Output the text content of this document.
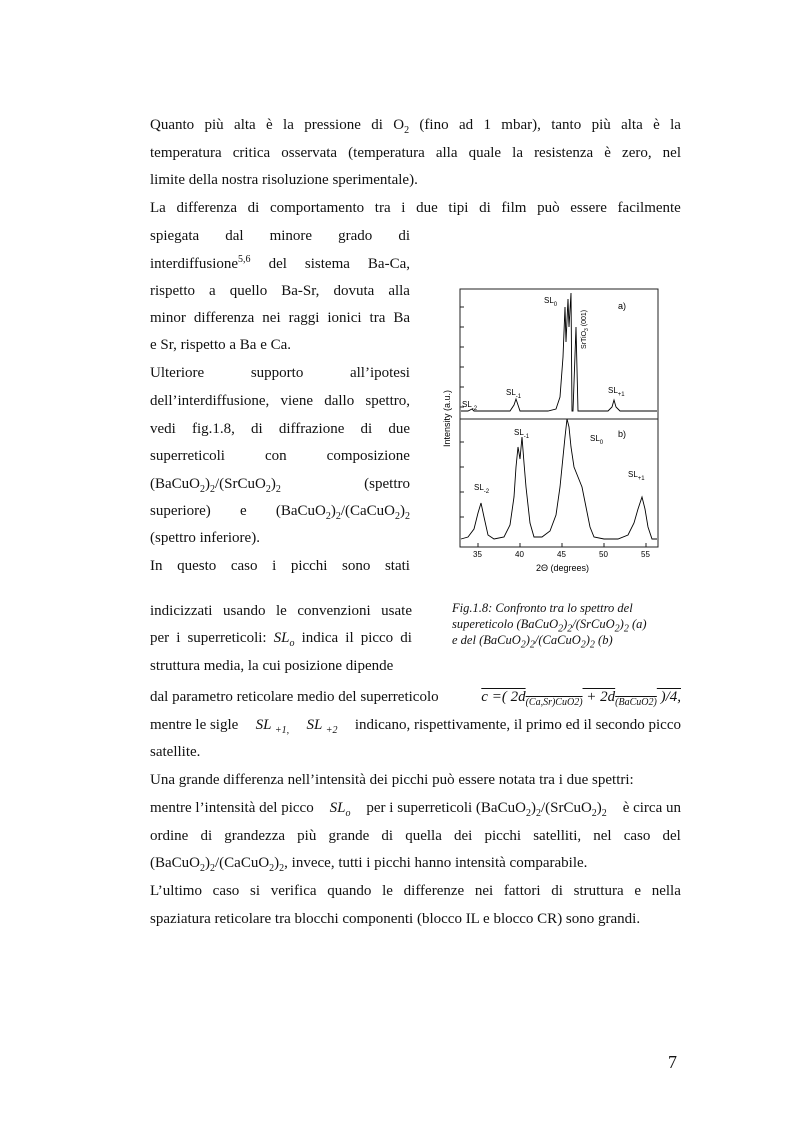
Quanto più alta è la pressione di $O_2$ (fino ad 1 mbar), tanto più alta è la
temperatura critica osservata (temperatura alla quale la resistenza è zero, nel
limite della nostra risoluzione sperimentale).
La differenza di comportamento tra i due tipi di film può essere facilmente
spiegata dal minore grado di
interdiffusione$^{5,6}$ del sistema Ba-Ca,
rispetto a quello Ba-Sr, dovuta alla
minor differenza nei raggi ionici tra Ba
e Sr, rispetto a Ba e Ca.
Ulteriore	supporto	all’ipotesi
dell’interdiffusione, viene dallo spettro,
vedi fig.1.8, di diffrazione di due
superreticoli	con	composizione
$(BaCuO_2)_2/(SrCuO_2)_2$	(spettro
superiore) e $(BaCuO_2)_2/(CaCuO_2)_2$
(spettro inferiore).
In questo caso i picchi sono stati
indicizzati usando le convenzioni usate
per i superreticoli: $SL_o$ indica il picco di
struttura media, la cui posizione dipende
dal parametro reticolare medio del superreticolo	c =( $2d_{(Ca,Sr)CuO2)} + 2d_{(BaCuO2)}$ )/4,
mentre le sigle SL $_{+1,}$ SL $_{+2}$ indicano, rispettivamente, il primo ed il secondo picco
satellite.
Una grande differenza nell’intensità dei picchi può essere notata tra i due spettri:
mentre l’intensità del picco $SL_o$ per i superreticoli $(BaCuO_2)_2/(SrCuO_2)_2$ è circa un
ordine di grandezza più grande di quella dei picchi satelliti, nel caso del
$(BaCuO_2)_2/(CaCuO_2)_2$, invece, tutti i picchi hanno intensità comparabile.
L’ultimo caso si verifica quando le differenze nei fattori di struttura e nella
spaziatura reticolare tra blocchi componenti (blocco IL e blocco CR) sono grandi.
a)
$SL_0$
$SL_{-1}$
$SL_{-2}$
$SL_{+1}$
SrTiO$_3$ (001)
b)
$SL_{-1}$	$SL_0$
$SL_{+1}$
$SL_{-2}$
35	40	45	50	55
2Θ (degrees)
Intensity (a.u.)
Fig.1.8: Confronto tra lo spettro del
supereticolo $(BaCuO_2)_2/(SrCuO_2)_2$ (a)
e del $(BaCuO_2)_2/(CaCuO_2)_2$ (b)
7
